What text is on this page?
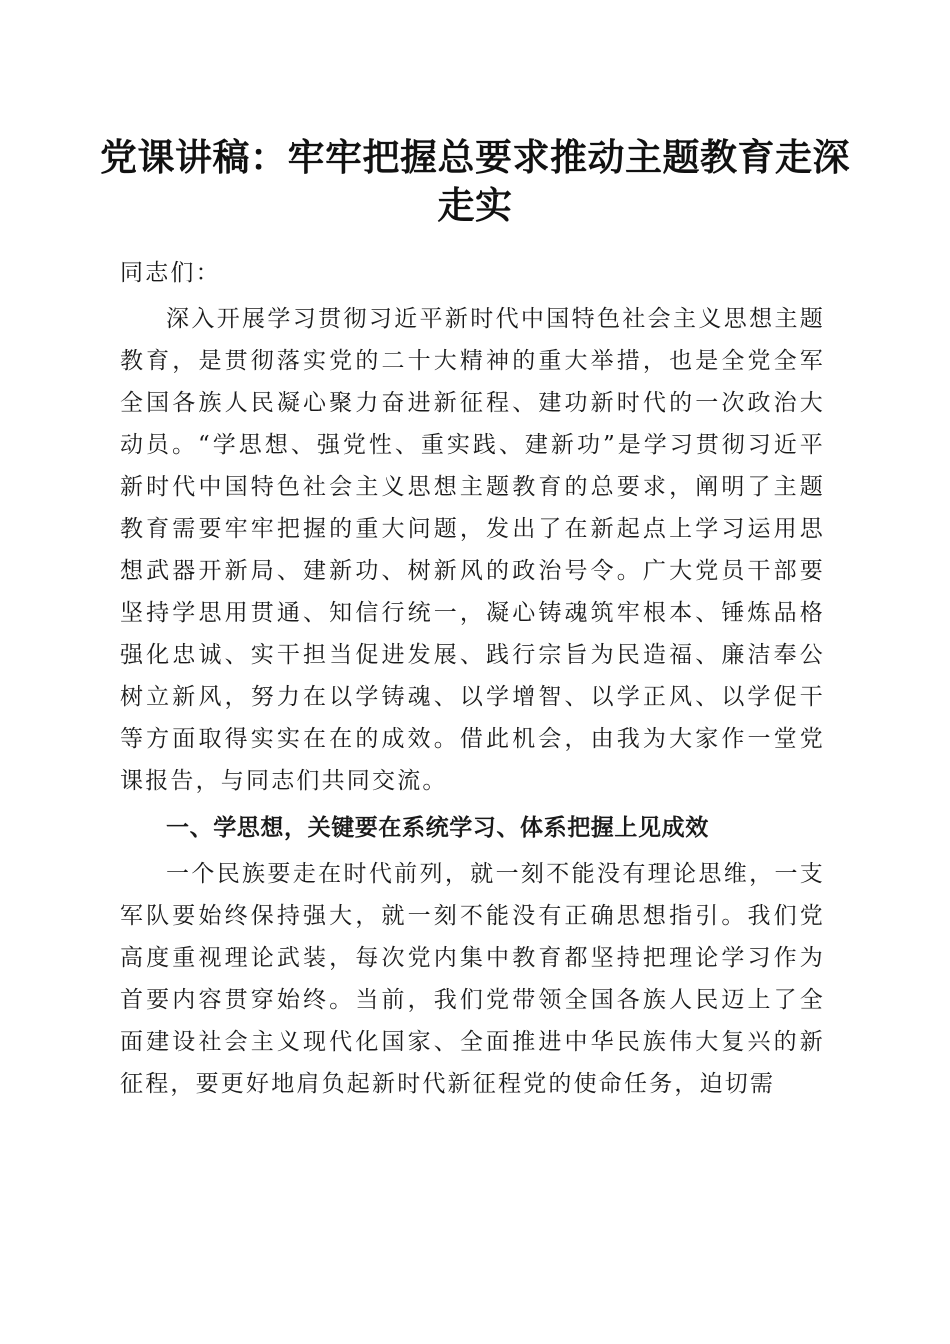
党课讲稿：牢牢把握总要求推动主题教育走深走实

同志们：

深入开展学习贯彻习近平新时代中国特色社会主义思想主题教育，是贯彻落实党的二十大精神的重大举措，也是全党全军全国各族人民凝心聚力奋进新征程、建功新时代的一次政治大动员。“学思想、强党性、重实践、建新功”是学习贯彻习近平新时代中国特色社会主义思想主题教育的总要求，阐明了主题教育需要牢牢把握的重大问题，发出了在新起点上学习运用思想武器开新局、建新功、树新风的政治号令。广大党员干部要坚持学思用贯通、知信行统一，凝心铸魂筑牢根本、锤炼品格强化忠诚、实干担当促进发展、践行宗旨为民造福、廉洁奉公树立新风，努力在以学铸魂、以学增智、以学正风、以学促干等方面取得实实在在的成效。借此机会，由我为大家作一堂党课报告，与同志们共同交流。

一、学思想，关键要在系统学习、体系把握上见成效

一个民族要走在时代前列，就一刻不能没有理论思维，一支军队要始终保持强大，就一刻不能没有正确思想指引。我们党高度重视理论武装，每次党内集中教育都坚持把理论学习作为首要内容贯穿始终。当前，我们党带领全国各族人民迈上了全面建设社会主义现代化国家、全面推进中华民族伟大复兴的新征程，要更好地肩负起新时代新征程党的使命任务，迫切需
